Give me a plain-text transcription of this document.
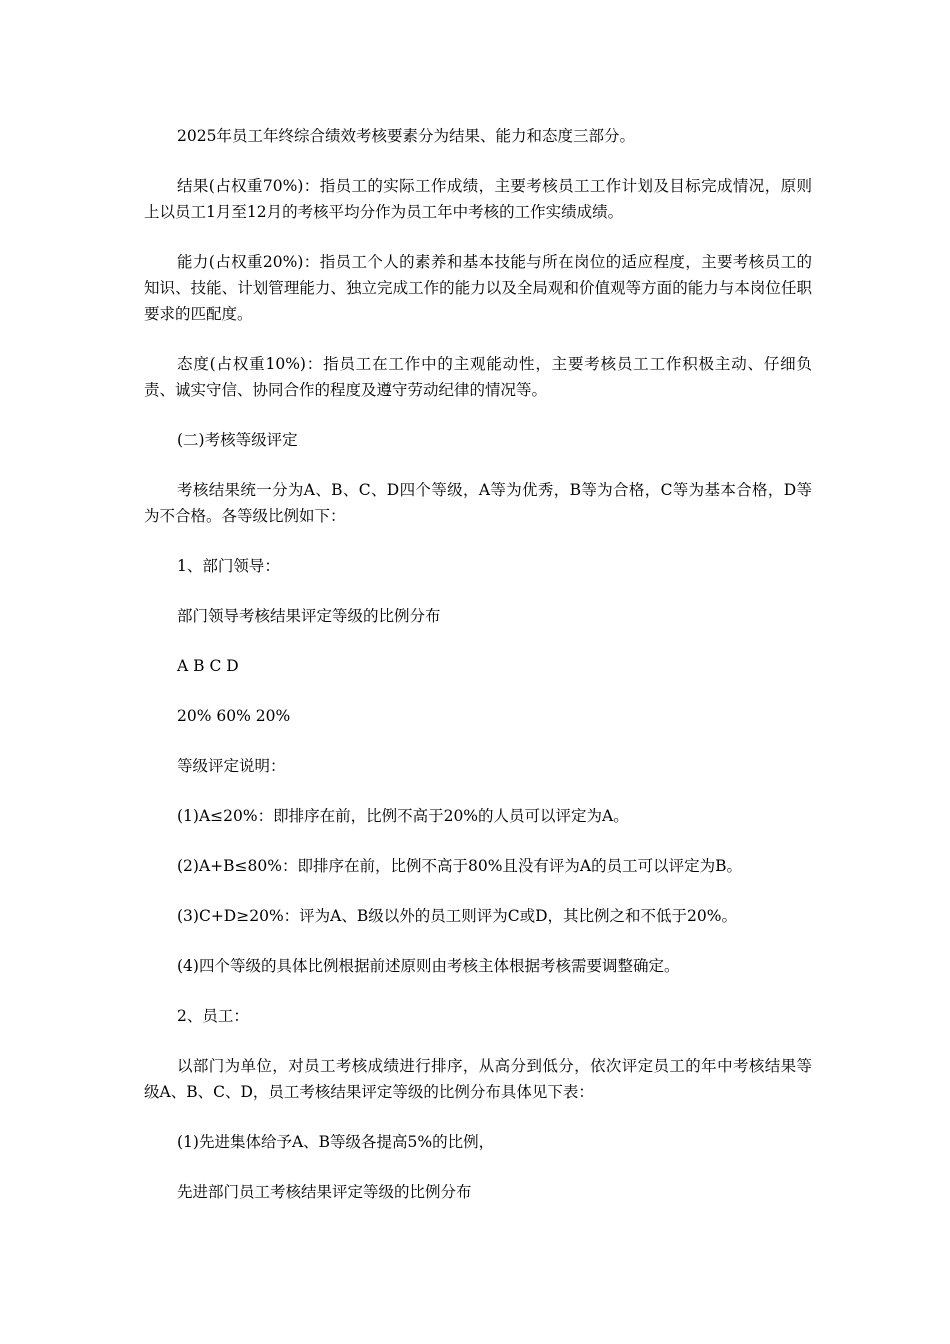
2025年员工年终综合绩效考核要素分为结果、能力和态度三部分。

结果(占权重70%)：指员工的实际工作成绩，主要考核员工工作计划及目标完成情况，原则上以员工1月至12月的考核平均分作为员工年中考核的工作实绩成绩。

能力(占权重20%)：指员工个人的素养和基本技能与所在岗位的适应程度，主要考核员工的知识、技能、计划管理能力、独立完成工作的能力以及全局观和价值观等方面的能力与本岗位任职要求的匹配度。

态度(占权重10%)：指员工在工作中的主观能动性，主要考核员工工作积极主动、仔细负责、诚实守信、协同合作的程度及遵守劳动纪律的情况等。

(二)考核等级评定

考核结果统一分为A、B、C、D四个等级，A等为优秀，B等为合格，C等为基本合格，D等为不合格。各等级比例如下：

1、部门领导：

部门领导考核结果评定等级的比例分布

A B C D

20% 60% 20%

等级评定说明：

(1)A≤20%：即排序在前，比例不高于20%的人员可以评定为A。

(2)A+B≤80%：即排序在前，比例不高于80%且没有评为A的员工可以评定为B。

(3)C+D≥20%：评为A、B级以外的员工则评为C或D，其比例之和不低于20%。

(4)四个等级的具体比例根据前述原则由考核主体根据考核需要调整确定。

2、员工：

以部门为单位，对员工考核成绩进行排序，从高分到低分，依次评定员工的年中考核结果等级A、B、C、D，员工考核结果评定等级的比例分布具体见下表：

(1)先进集体给予A、B等级各提高5%的比例，

先进部门员工考核结果评定等级的比例分布
